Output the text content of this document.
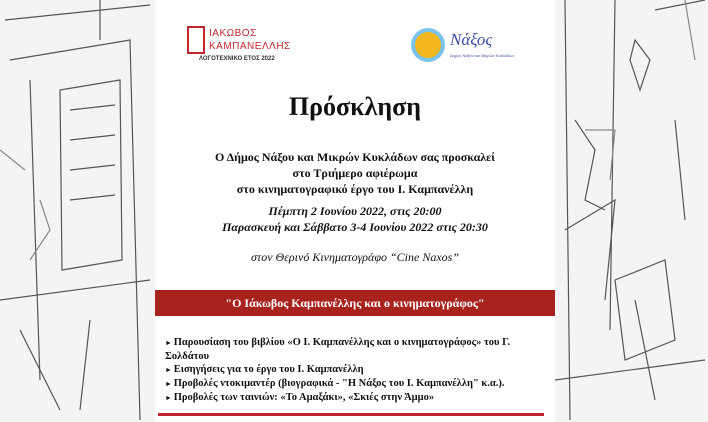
ΙΑΚΩΒΟΣ
ΚΑΜΠΑΝΕΛΛΗΣ
ΛΟΓΟΤΕΧΝΙΚΟ ΕΤΟΣ 2022
Νάξος
Δήμος Νάξου και Μικρών Κυκλάδων
Πρόσκληση
Ο Δήμος Νάξου και Μικρών Κυκλάδων σας προσκαλεί
στο Τριήμερο αφιέρωμα
στο κινηματογραφικό έργο του Ι. Καμπανέλλη
Πέμπτη 2 Ιουνίου 2022, στις 20:00
Παρασκευή και Σάββατο 3-4 Ιουνίου 2022 στις 20:30
στον Θερινό Κινηματογράφο “Cine Naxos”
"Ο Ιάκωβος Καμπανέλλης και ο κινηματογράφος"
► Παρουσίαση του βιβλίου «Ο Ι. Καμπανέλλης και ο κινηματογράφος» του Γ. Σολδάτου
► Εισηγήσεις για το έργο του Ι. Καμπανέλλη
► Προβολές ντοκιμαντέρ (βιογραφικά - "Η Νάξος του Ι. Καμπανέλλη" κ.α.).
► Προβολές των ταινιών: «Το Αμαξάκι», «Σκιές στην Άμμο»
